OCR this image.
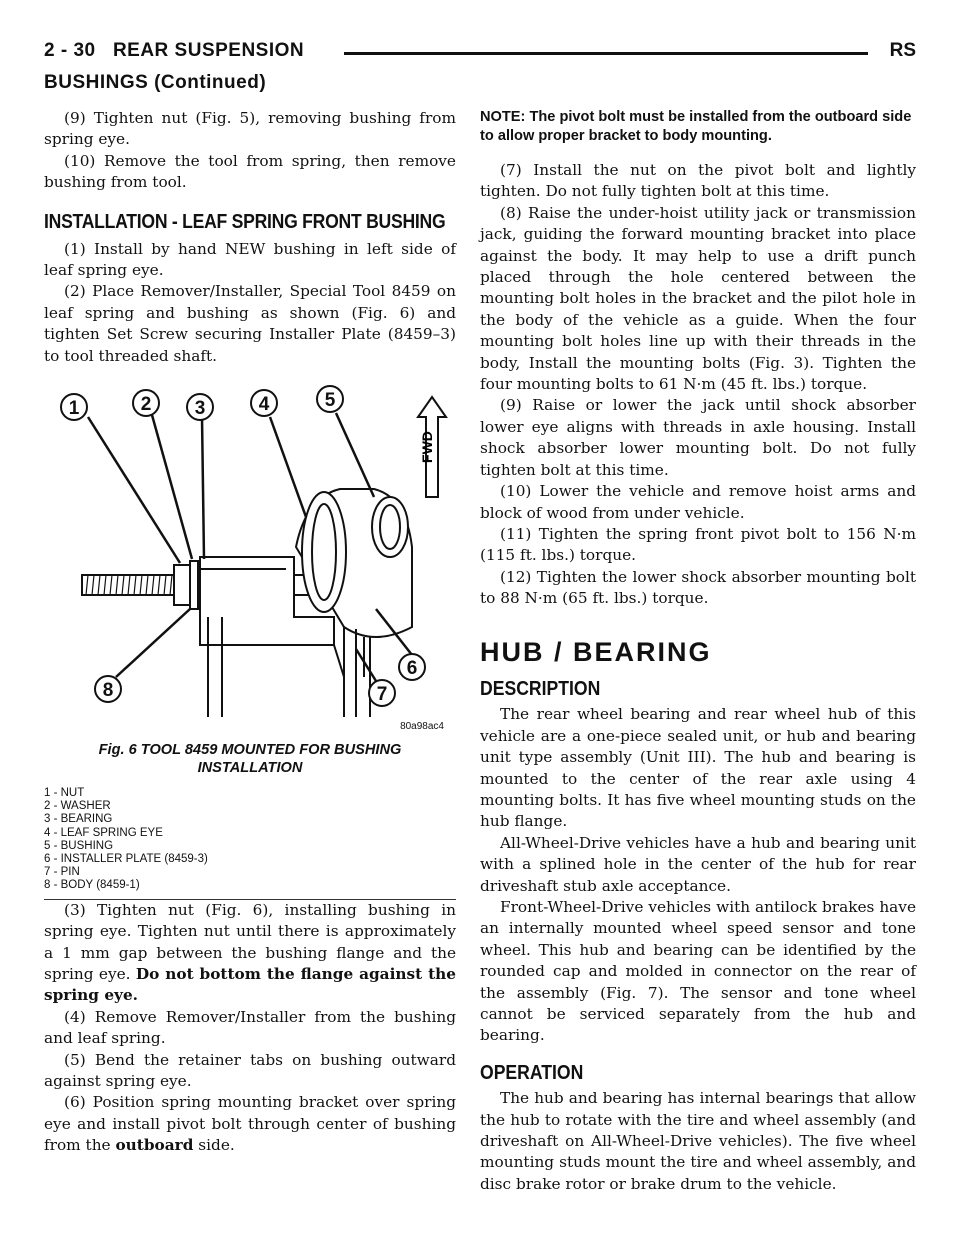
2 - 30 REAR SUSPENSION	RS
BUSHINGS (Continued)

(9) Tighten nut (Fig. 5), removing bushing from spring eye.

(10) Remove the tool from spring, then remove bushing from tool.

INSTALLATION - LEAF SPRING FRONT BUSHING

(1) Install by hand NEW bushing in left side of leaf spring eye.

(2) Place Remover/Installer, Special Tool 8459 on leaf spring and bushing as shown (Fig. 6) and tighten Set Screw securing Installer Plate (8459–3) to tool threaded shaft.

FWD
1	2 3	4	5
6
7
8
80a98ac4
Fig. 6 TOOL 8459 MOUNTED FOR BUSHING
INSTALLATION
1 - NUT
2 - WASHER
3 - BEARING
4 - LEAF SPRING EYE
5 - BUSHING
6 - INSTALLER PLATE (8459-3)
7 - PIN
8 - BODY (8459-1)

(3) Tighten nut (Fig. 6), installing bushing in spring eye. Tighten nut until there is approximately a 1 mm gap between the bushing flange and the spring eye. Do not bottom the flange against the spring eye.

(4) Remove Remover/Installer from the bushing and leaf spring.

(5) Bend the retainer tabs on bushing outward against spring eye.

(6) Position spring mounting bracket over spring eye and install pivot bolt through center of bushing from the outboard side.

NOTE: The pivot bolt must be installed from the outboard side to allow proper bracket to body mounting.

(7) Install the nut on the pivot bolt and lightly tighten. Do not fully tighten bolt at this time.

(8) Raise the under-hoist utility jack or transmission jack, guiding the forward mounting bracket into place against the body. It may help to use a drift punch placed through the hole centered between the mounting bolt holes in the bracket and the pilot hole in the body of the vehicle as a guide. When the four mounting bolt holes line up with their threads in the body, Install the mounting bolts (Fig. 3). Tighten the four mounting bolts to 61 N·m (45 ft. lbs.) torque.

(9) Raise or lower the jack until shock absorber lower eye aligns with threads in axle housing. Install shock absorber lower mounting bolt. Do not fully tighten bolt at this time.

(10) Lower the vehicle and remove hoist arms and block of wood from under vehicle.

(11) Tighten the spring front pivot bolt to 156 N·m (115 ft. lbs.) torque.

(12) Tighten the lower shock absorber mounting bolt to 88 N·m (65 ft. lbs.) torque.

HUB / BEARING
DESCRIPTION

The rear wheel bearing and rear wheel hub of this vehicle are a one-piece sealed unit, or hub and bearing unit type assembly (Unit III). The hub and bearing is mounted to the center of the rear axle using 4 mounting bolts. It has five wheel mounting studs on the hub flange.

All-Wheel-Drive vehicles have a hub and bearing unit with a splined hole in the center of the hub for rear driveshaft stub axle acceptance.

Front-Wheel-Drive vehicles with antilock brakes have an internally mounted wheel speed sensor and tone wheel. This hub and bearing can be identified by the rounded cap and molded in connector on the rear of the assembly (Fig. 7). The sensor and tone wheel cannot be serviced separately from the hub and bearing.

OPERATION

The hub and bearing has internal bearings that allow the hub to rotate with the tire and wheel assembly (and driveshaft on All-Wheel-Drive vehicles). The five wheel mounting studs mount the tire and wheel assembly, and disc brake rotor or brake drum to the vehicle.
